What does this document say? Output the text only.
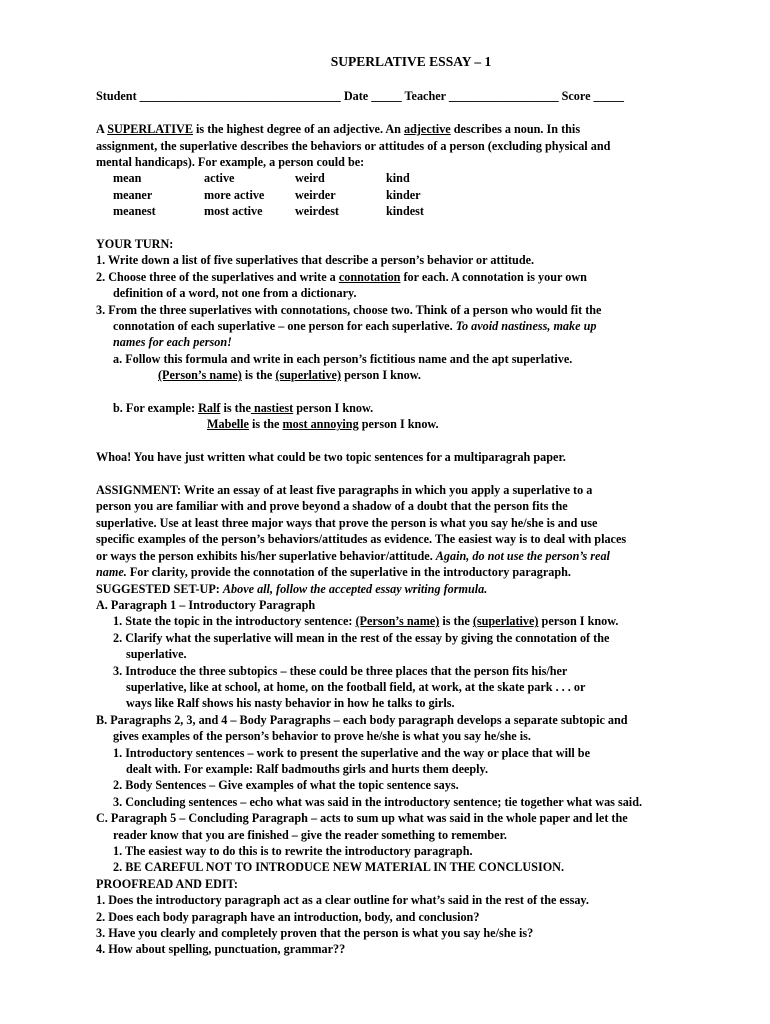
SUPERLATIVE ESSAY – 1
Student _________________________________ Date _____ Teacher __________________ Score _____
A SUPERLATIVE is the highest degree of an adjective. An adjective describes a noun. In this
assignment, the superlative describes the behaviors or attitudes of a person (excluding physical and
mental handicaps). For example, a person could be:
mean	active	weird	kind
meaner	more active	weirder	kinder
meanest	most active	weirdest	kindest
YOUR TURN:
1. Write down a list of five superlatives that describe a person’s behavior or attitude.
2. Choose three of the superlatives and write a connotation for each. A connotation is your own
definition of a word, not one from a dictionary.
3. From the three superlatives with connotations, choose two. Think of a person who would fit the
connotation of each superlative – one person for each superlative. To avoid nastiness, make up
names for each person!
a. Follow this formula and write in each person’s fictitious name and the apt superlative.
(Person’s name) is the (superlative) person I know.
b. For example: Ralf is the nastiest person I know.
Mabelle is the most annoying person I know.
Whoa! You have just written what could be two topic sentences for a multiparagrah paper.
ASSIGNMENT: Write an essay of at least five paragraphs in which you apply a superlative to a
person you are familiar with and prove beyond a shadow of a doubt that the person fits the
superlative. Use at least three major ways that prove the person is what you say he/she is and use
specific examples of the person’s behaviors/attitudes as evidence. The easiest way is to deal with places
or ways the person exhibits his/her superlative behavior/attitude. Again, do not use the person’s real
name. For clarity, provide the connotation of the superlative in the introductory paragraph.
SUGGESTED SET-UP: Above all, follow the accepted essay writing formula.
A. Paragraph 1 – Introductory Paragraph
1. State the topic in the introductory sentence: (Person’s name) is the (superlative) person I know.
2. Clarify what the superlative will mean in the rest of the essay by giving the connotation of the
superlative.
3. Introduce the three subtopics – these could be three places that the person fits his/her
superlative, like at school, at home, on the football field, at work, at the skate park . . . or
ways like Ralf shows his nasty behavior in how he talks to girls.
B. Paragraphs 2, 3, and 4 – Body Paragraphs – each body paragraph develops a separate subtopic and
gives examples of the person’s behavior to prove he/she is what you say he/she is.
1. Introductory sentences – work to present the superlative and the way or place that will be
dealt with. For example: Ralf badmouths girls and hurts them deeply.
2. Body Sentences – Give examples of what the topic sentence says.
3. Concluding sentences – echo what was said in the introductory sentence; tie together what was said.
C. Paragraph 5 – Concluding Paragraph – acts to sum up what was said in the whole paper and let the
reader know that you are finished – give the reader something to remember.
1. The easiest way to do this is to rewrite the introductory paragraph.
2. BE CAREFUL NOT TO INTRODUCE NEW MATERIAL IN THE CONCLUSION.
PROOFREAD AND EDIT:
1. Does the introductory paragraph act as a clear outline for what’s said in the rest of the essay.
2. Does each body paragraph have an introduction, body, and conclusion?
3. Have you clearly and completely proven that the person is what you say he/she is?
4. How about spelling, punctuation, grammar??
